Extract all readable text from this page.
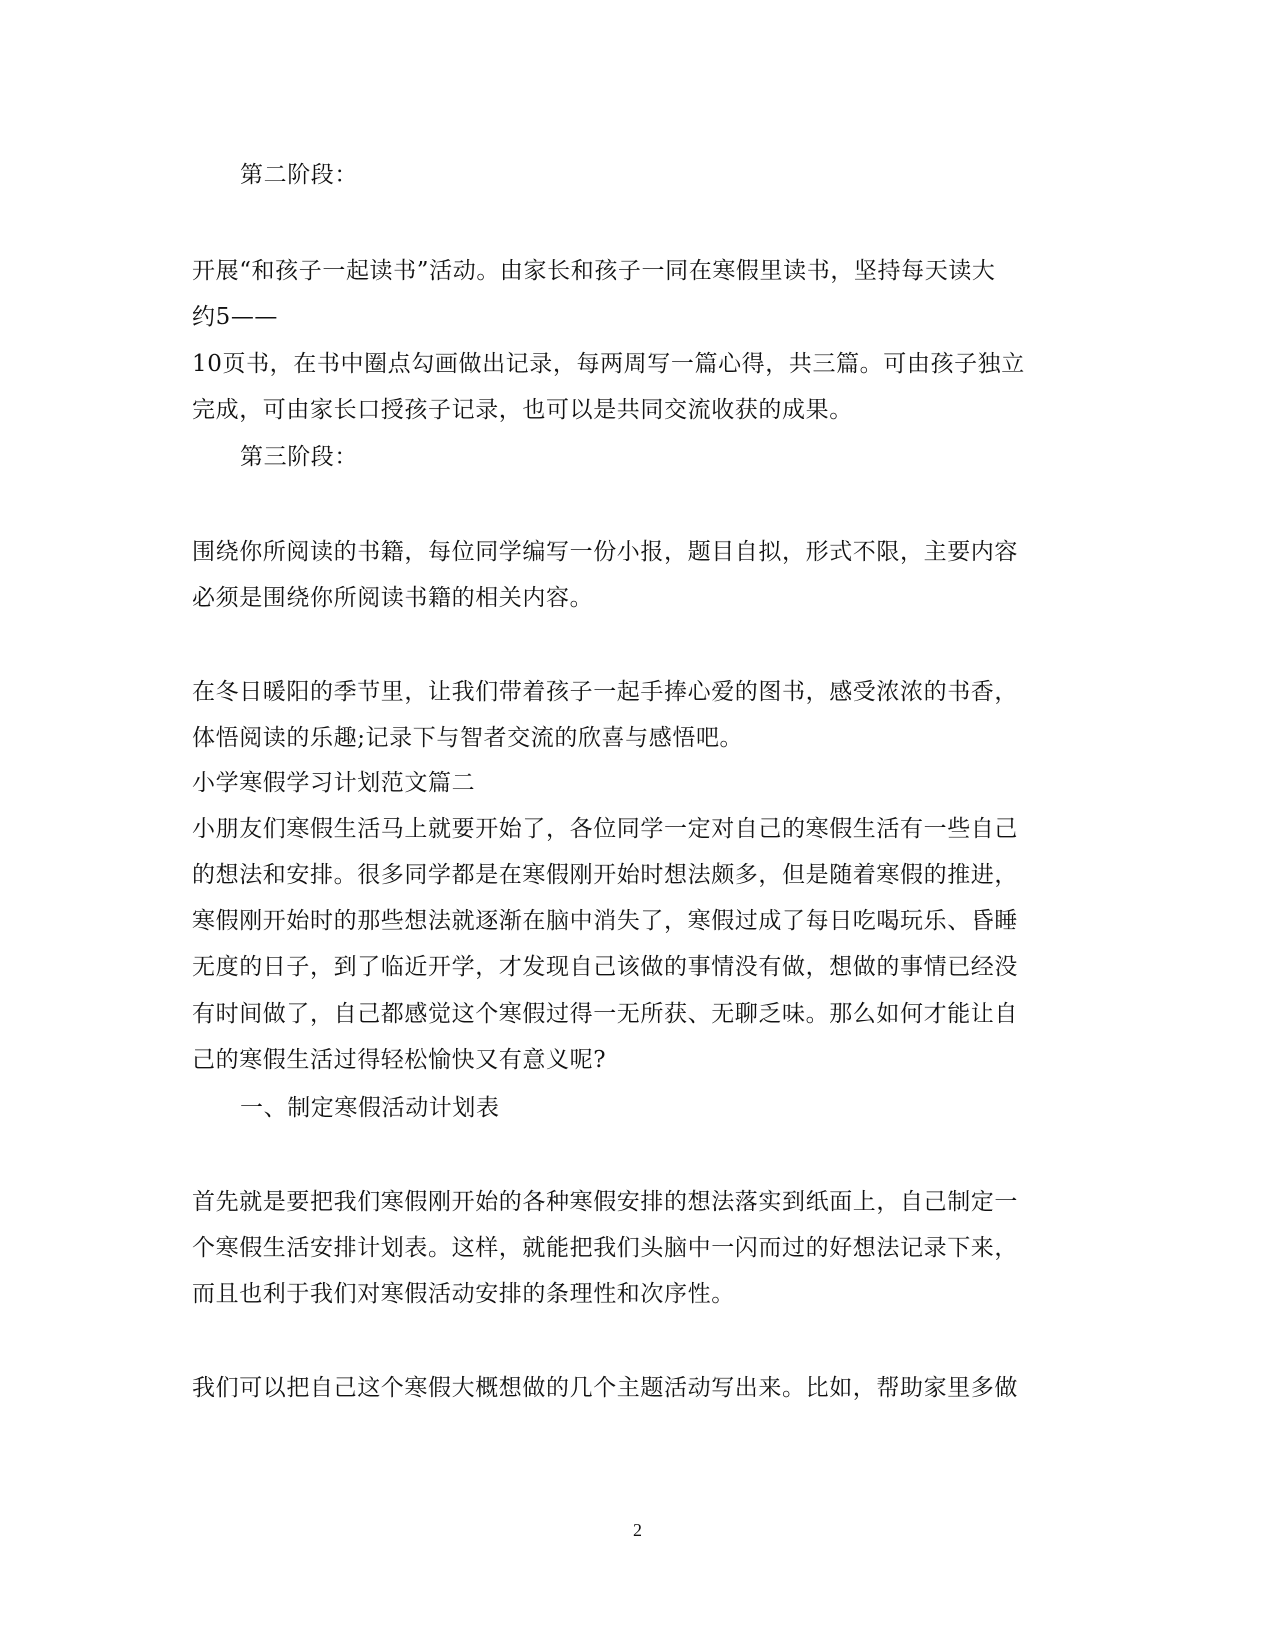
第二阶段：
开展“和孩子一起读书”活动。由家长和孩子一同在寒假里读书，坚持每天读大
约5——
10页书，在书中圈点勾画做出记录，每两周写一篇心得，共三篇。可由孩子独立
完成，可由家长口授孩子记录，也可以是共同交流收获的成果。
第三阶段：
围绕你所阅读的书籍，每位同学编写一份小报，题目自拟，形式不限，主要内容
必须是围绕你所阅读书籍的相关内容。
在冬日暖阳的季节里，让我们带着孩子一起手捧心爱的图书，感受浓浓的书香，
体悟阅读的乐趣;记录下与智者交流的欣喜与感悟吧。
小学寒假学习计划范文篇二
小朋友们寒假生活马上就要开始了，各位同学一定对自己的寒假生活有一些自己
的想法和安排。很多同学都是在寒假刚开始时想法颇多，但是随着寒假的推进，
寒假刚开始时的那些想法就逐渐在脑中消失了，寒假过成了每日吃喝玩乐、昏睡
无度的日子，到了临近开学，才发现自己该做的事情没有做，想做的事情已经没
有时间做了，自己都感觉这个寒假过得一无所获、无聊乏味。那么如何才能让自
己的寒假生活过得轻松愉快又有意义呢?
一、制定寒假活动计划表
首先就是要把我们寒假刚开始的各种寒假安排的想法落实到纸面上，自己制定一
个寒假生活安排计划表。这样，就能把我们头脑中一闪而过的好想法记录下来，
而且也利于我们对寒假活动安排的条理性和次序性。
我们可以把自己这个寒假大概想做的几个主题活动写出来。比如，帮助家里多做
2
